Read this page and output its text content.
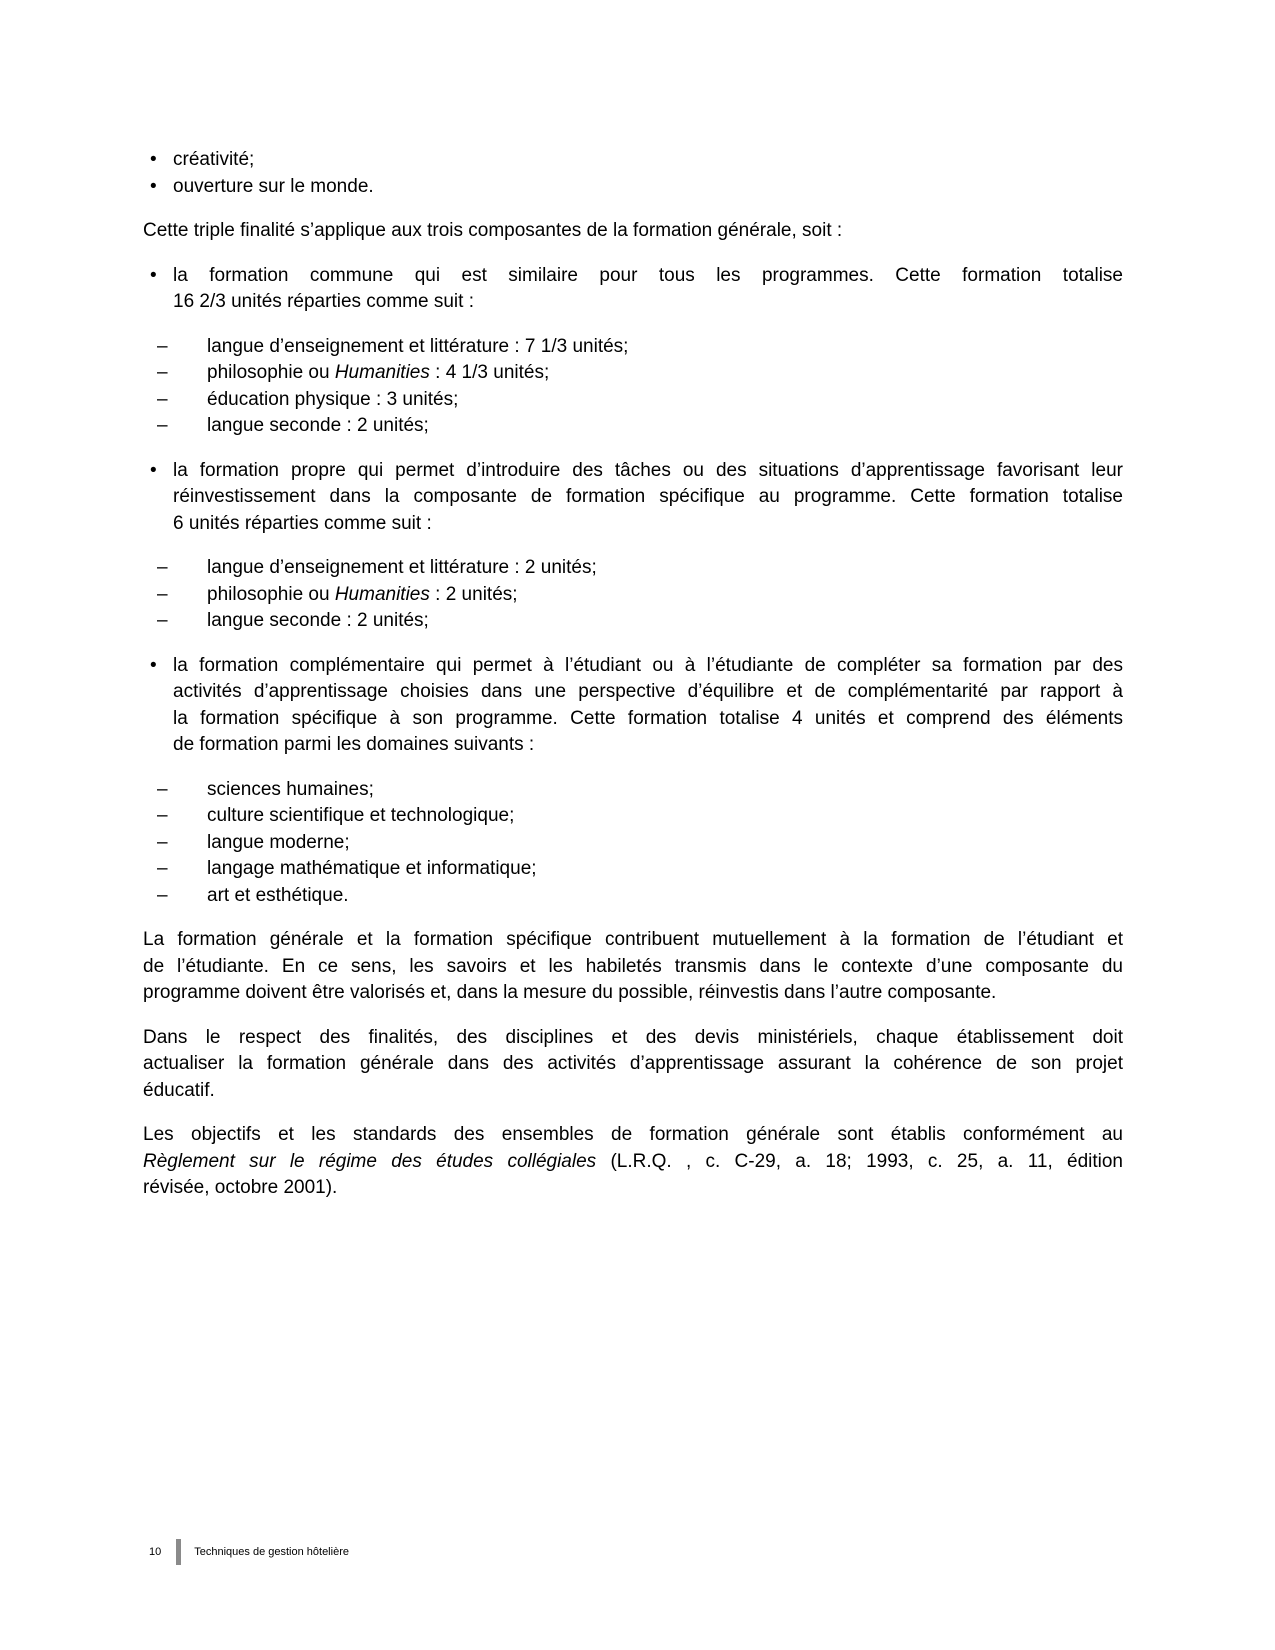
• créativité;
• ouverture sur le monde.
Cette triple finalité s’applique aux trois composantes de la formation générale, soit :
• la formation commune qui est similaire pour tous les programmes. Cette formation totalise
16 2/3 unités réparties comme suit :
– langue d’enseignement et littérature : 7 1/3 unités;
– philosophie ou Humanities : 4 1/3 unités;
– éducation physique : 3 unités;
– langue seconde : 2 unités;
• la formation propre qui permet d’introduire des tâches ou des situations d’apprentissage favorisant leur
réinvestissement dans la composante de formation spécifique au programme. Cette formation totalise
6 unités réparties comme suit :
– langue d’enseignement et littérature : 2 unités;
– philosophie ou Humanities : 2 unités;
– langue seconde : 2 unités;
• la formation complémentaire qui permet à l’étudiant ou à l’étudiante de compléter sa formation par des
activités d’apprentissage choisies dans une perspective d’équilibre et de complémentarité par rapport à
la formation spécifique à son programme. Cette formation totalise 4 unités et comprend des éléments
de formation parmi les domaines suivants :
– sciences humaines;
– culture scientifique et technologique;
– langue moderne;
– langage mathématique et informatique;
– art et esthétique.
La formation générale et la formation spécifique contribuent mutuellement à la formation de l’étudiant et
de l’étudiante. En ce sens, les savoirs et les habiletés transmis dans le contexte d’une composante du
programme doivent être valorisés et, dans la mesure du possible, réinvestis dans l’autre composante.
Dans le respect des finalités, des disciplines et des devis ministériels, chaque établissement doit
actualiser la formation générale dans des activités d’apprentissage assurant la cohérence de son projet
éducatif.
Les objectifs et les standards des ensembles de formation générale sont établis conformément au
Règlement sur le régime des études collégiales (L.R.Q. , c. C-29, a. 18; 1993, c. 25, a. 11, édition
révisée, octobre 2001).
10	Techniques de gestion hôtelière
